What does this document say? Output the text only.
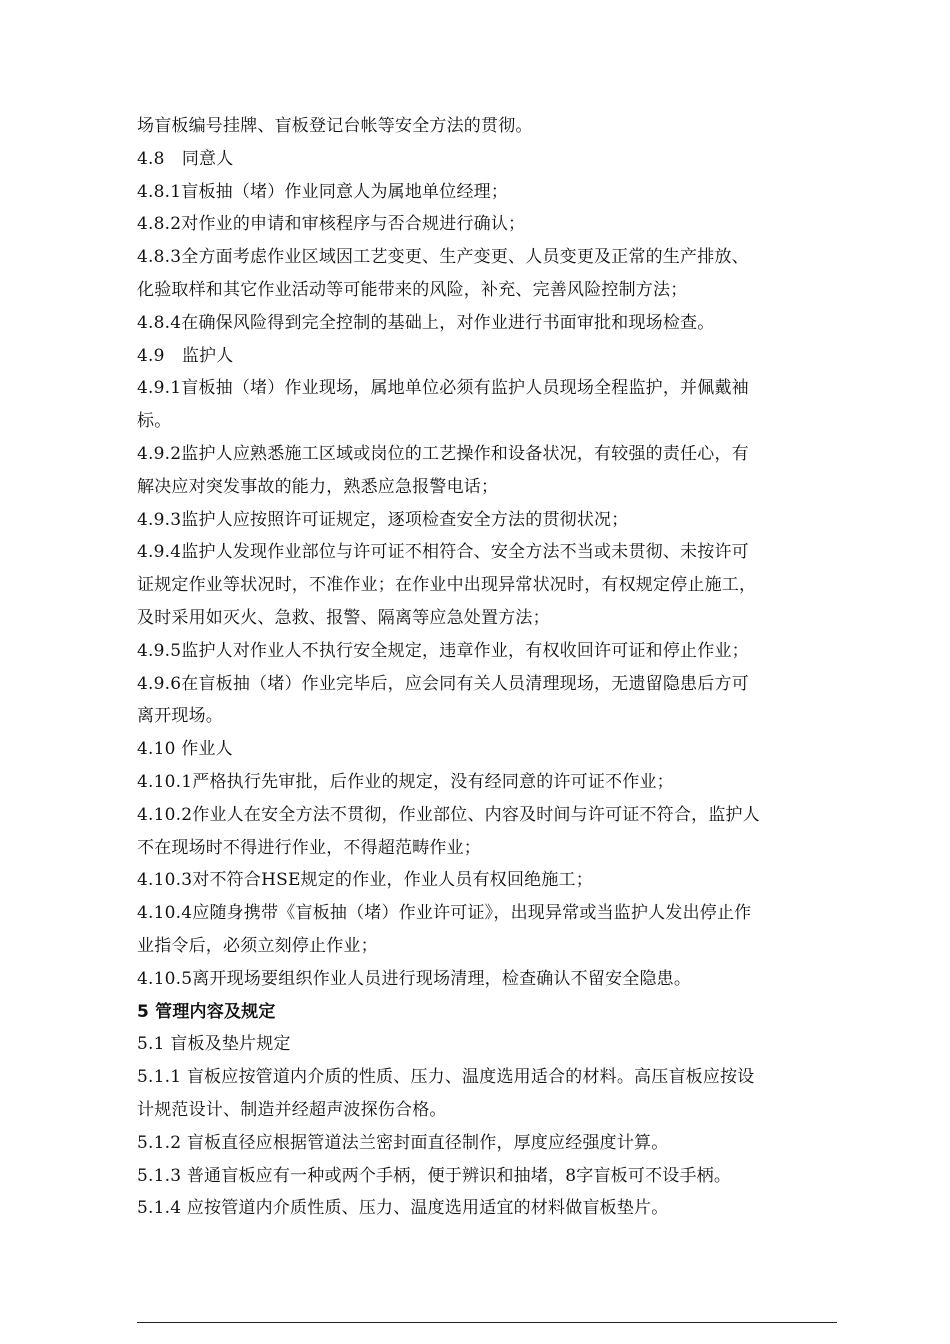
场盲板编号挂牌、盲板登记台帐等安全方法的贯彻。
4.8　同意人
4.8.1盲板抽（堵）作业同意人为属地单位经理；
4.8.2对作业的申请和审核程序与否合规进行确认；
4.8.3全方面考虑作业区域因工艺变更、生产变更、人员变更及正常的生产排放、
化验取样和其它作业活动等可能带来的风险，补充、完善风险控制方法；
4.8.4在确保风险得到完全控制的基础上，对作业进行书面审批和现场检查。
4.9　监护人
4.9.1盲板抽（堵）作业现场，属地单位必须有监护人员现场全程监护，并佩戴袖
标。
4.9.2监护人应熟悉施工区域或岗位的工艺操作和设备状况，有较强的责任心，有
解决应对突发事故的能力，熟悉应急报警电话；
4.9.3监护人应按照许可证规定，逐项检查安全方法的贯彻状况；
4.9.4监护人发现作业部位与许可证不相符合、安全方法不当或未贯彻、未按许可
证规定作业等状况时，不准作业；在作业中出现异常状况时，有权规定停止施工，
及时采用如灭火、急救、报警、隔离等应急处置方法；
4.9.5监护人对作业人不执行安全规定，违章作业，有权收回许可证和停止作业；
4.9.6在盲板抽（堵）作业完毕后，应会同有关人员清理现场，无遗留隐患后方可
离开现场。
4.10 作业人
4.10.1严格执行先审批，后作业的规定，没有经同意的许可证不作业；
4.10.2作业人在安全方法不贯彻，作业部位、内容及时间与许可证不符合，监护人
不在现场时不得进行作业，不得超范畴作业；
4.10.3对不符合HSE规定的作业，作业人员有权回绝施工；
4.10.4应随身携带《盲板抽（堵）作业许可证》，出现异常或当监护人发出停止作
业指令后，必须立刻停止作业；
4.10.5离开现场要组织作业人员进行现场清理，检查确认不留安全隐患。
5 管理内容及规定
5.1 盲板及垫片规定
5.1.1 盲板应按管道内介质的性质、压力、温度选用适合的材料。高压盲板应按设
计规范设计、制造并经超声波探伤合格。
5.1.2 盲板直径应根据管道法兰密封面直径制作，厚度应经强度计算。
5.1.3 普通盲板应有一种或两个手柄，便于辨识和抽堵，8字盲板可不设手柄。
5.1.4 应按管道内介质性质、压力、温度选用适宜的材料做盲板垫片。
